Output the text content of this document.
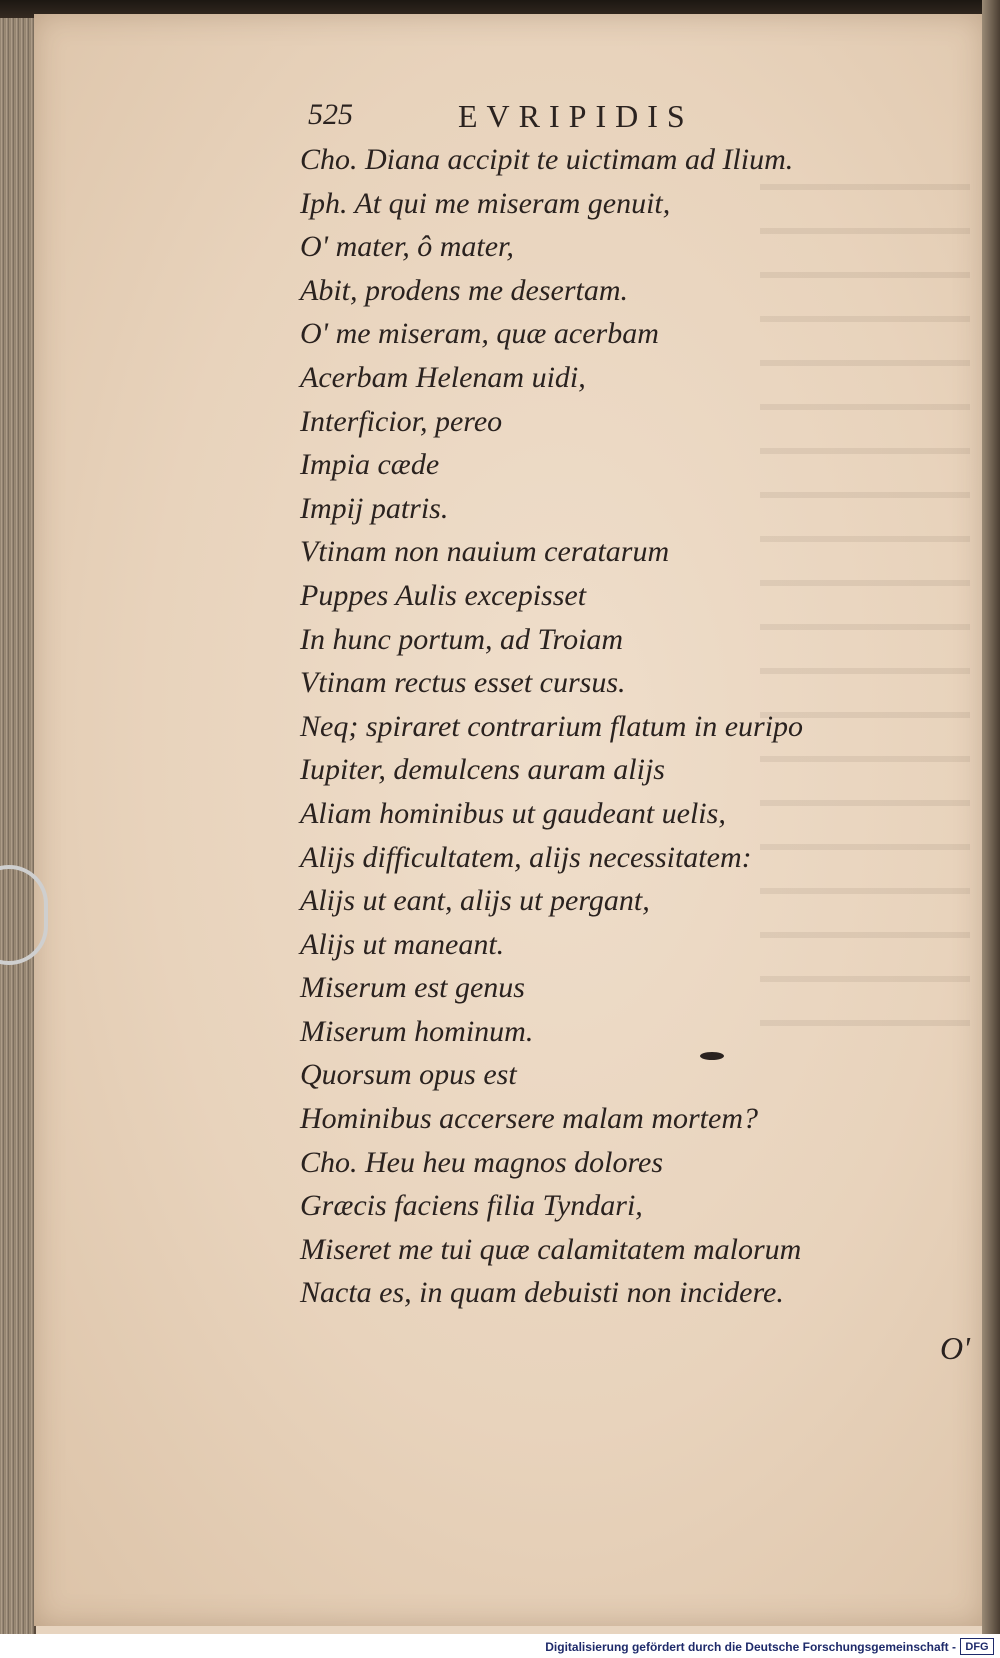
525	EVRIPIDIS
Cho. Diana accipit te uictimam ad Ilium.
Iph. At qui me miseram genuit,
O' mater, ô mater,
Abit, prodens me desertam.
O' me miseram, quæ acerbam
Acerbam Helenam uidi,
Interficior, pereo
Impia cæde
Impij patris.
Vtinam non nauium ceratarum
Puppes Aulis excepisset
In hunc portum, ad Troiam
Vtinam rectus esset cursus.
Neq; spiraret contrarium flatum in euripo
Iupiter, demulcens auram alijs
Aliam hominibus ut gaudeant uelis,
Alijs difficultatem, alijs necessitatem:
Alijs ut eant, alijs ut pergant,
Alijs ut maneant.
Miserum est genus
Miserum hominum.
Quorsum opus est
Hominibus accersere malam mortem?
Cho. Heu heu magnos dolores
Græcis faciens filia Tyndari,
Miseret me tui quæ calamitatem malorum
Nacta es, in quam debuisti non incidere.
O'
Digitalisierung gefördert durch die Deutsche Forschungsgemeinschaft - DFG
